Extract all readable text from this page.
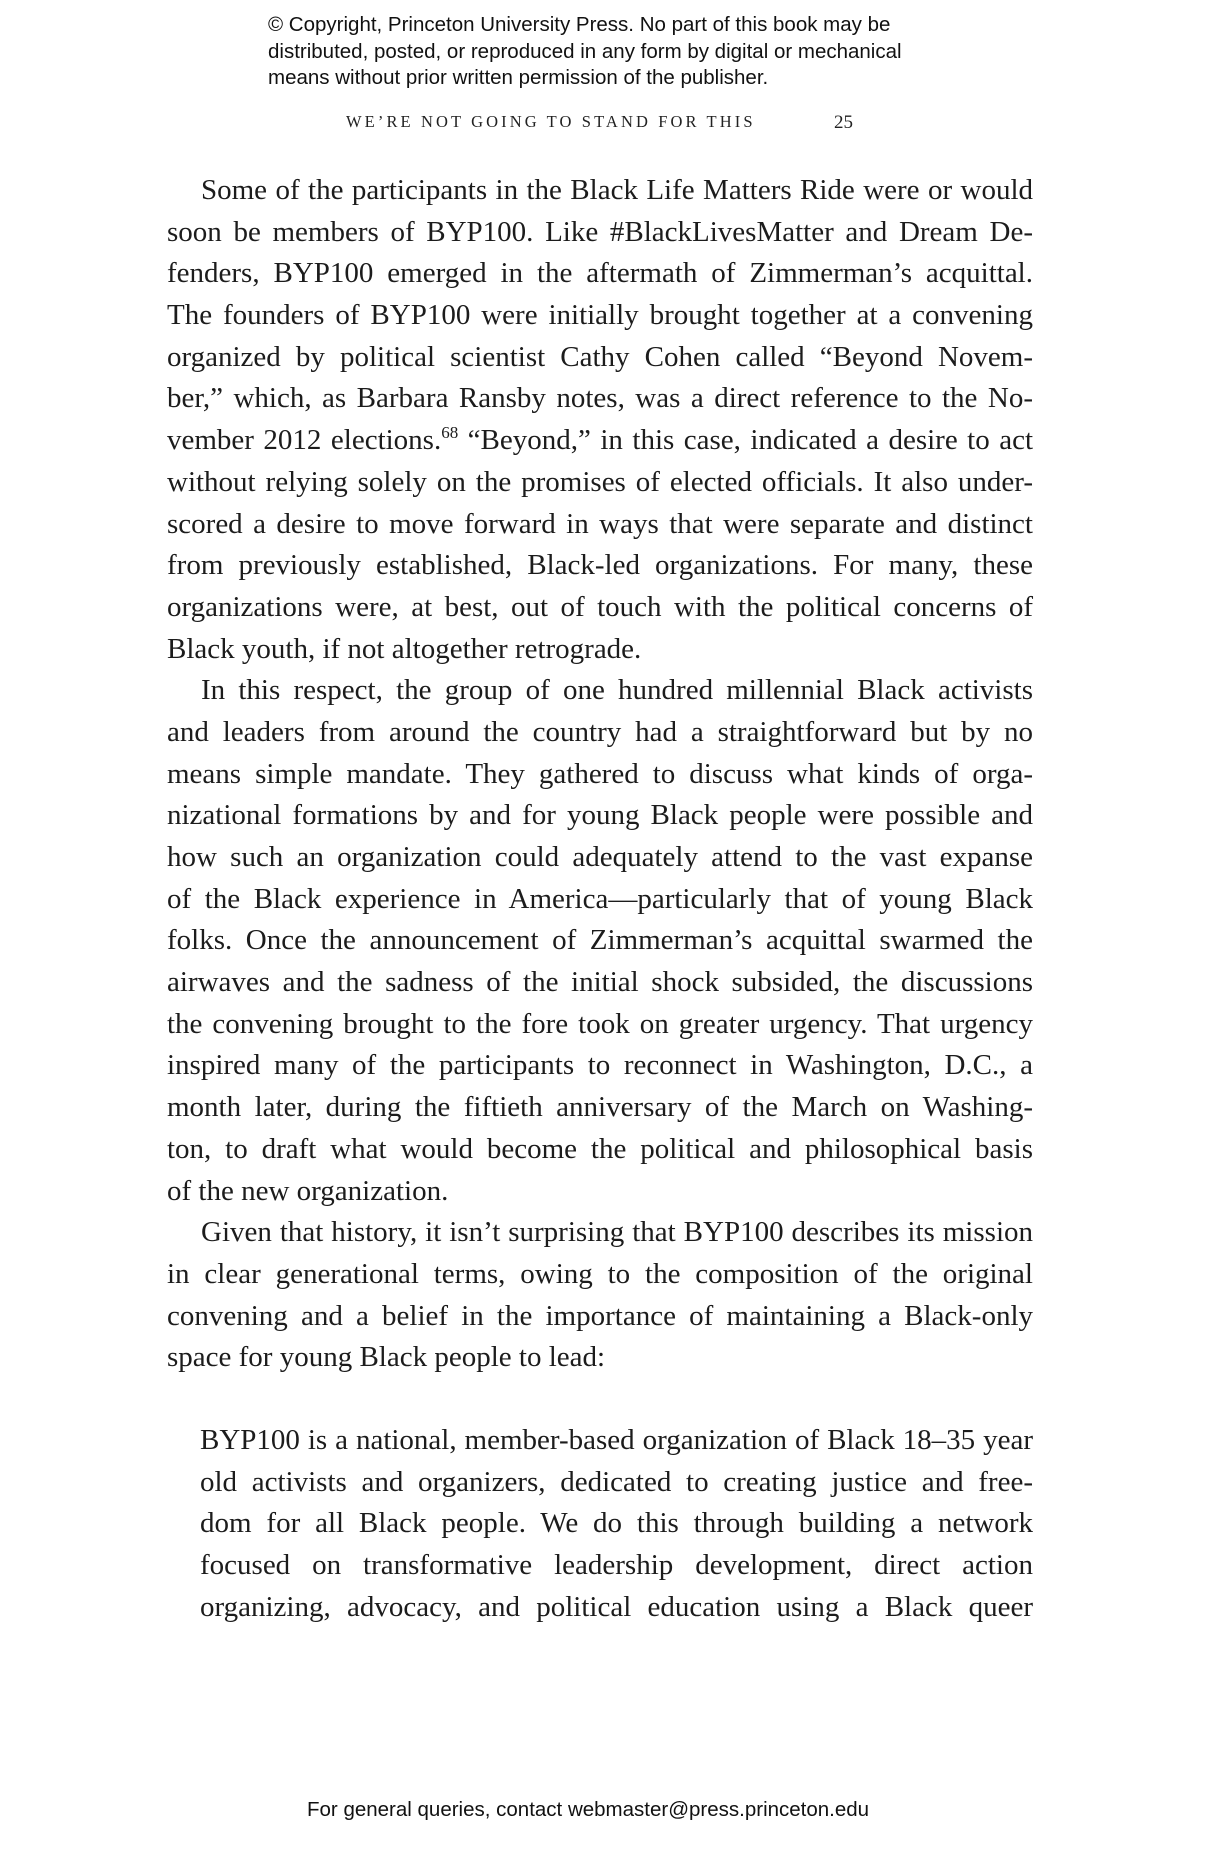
© Copyright, Princeton University Press. No part of this book may be
distributed, posted, or reproduced in any form by digital or mechanical
means without prior written permission of the publisher.
WE’RE NOT GOING TO STAND FOR THIS	25
Some of the participants in the Black Life Matters Ride were or would
soon be members of BYP100. Like #BlackLivesMatter and Dream De-
fenders, BYP100 emerged in the aftermath of Zimmerman’s acquittal.
The founders of BYP100 were initially brought together at a convening
organized by political scientist Cathy Cohen called “Beyond Novem-
ber,” which, as Barbara Ransby notes, was a direct reference to the No-
vember 2012 elections.$^{68}$ “Beyond,” in this case, indicated a desire to act
without relying solely on the promises of elected officials. It also under-
scored a desire to move forward in ways that were separate and distinct
from previously established, Black-led organizations. For many, these
organizations were, at best, out of touch with the political concerns of
Black youth, if not altogether retrograde.
In this respect, the group of one hundred millennial Black activists
and leaders from around the country had a straightforward but by no
means simple mandate. They gathered to discuss what kinds of orga-
nizational formations by and for young Black people were possible and
how such an organization could adequately attend to the vast expanse
of the Black experience in America—particularly that of young Black
folks. Once the announcement of Zimmerman’s acquittal swarmed the
airwaves and the sadness of the initial shock subsided, the discussions
the convening brought to the fore took on greater urgency. That urgency
inspired many of the participants to reconnect in Washington, D.C., a
month later, during the fiftieth anniversary of the March on Washing-
ton, to draft what would become the political and philosophical basis
of the new organization.
Given that history, it isn’t surprising that BYP100 describes its mission
in clear generational terms, owing to the composition of the original
convening and a belief in the importance of maintaining a Black-only
space for young Black people to lead:
BYP100 is a national, member-based organization of Black 18–35 year
old activists and organizers, dedicated to creating justice and free-
dom for all Black people. We do this through building a network
focused on transformative leadership development, direct action
organizing, advocacy, and political education using a Black queer
For general queries, contact webmaster@press.princeton.edu
